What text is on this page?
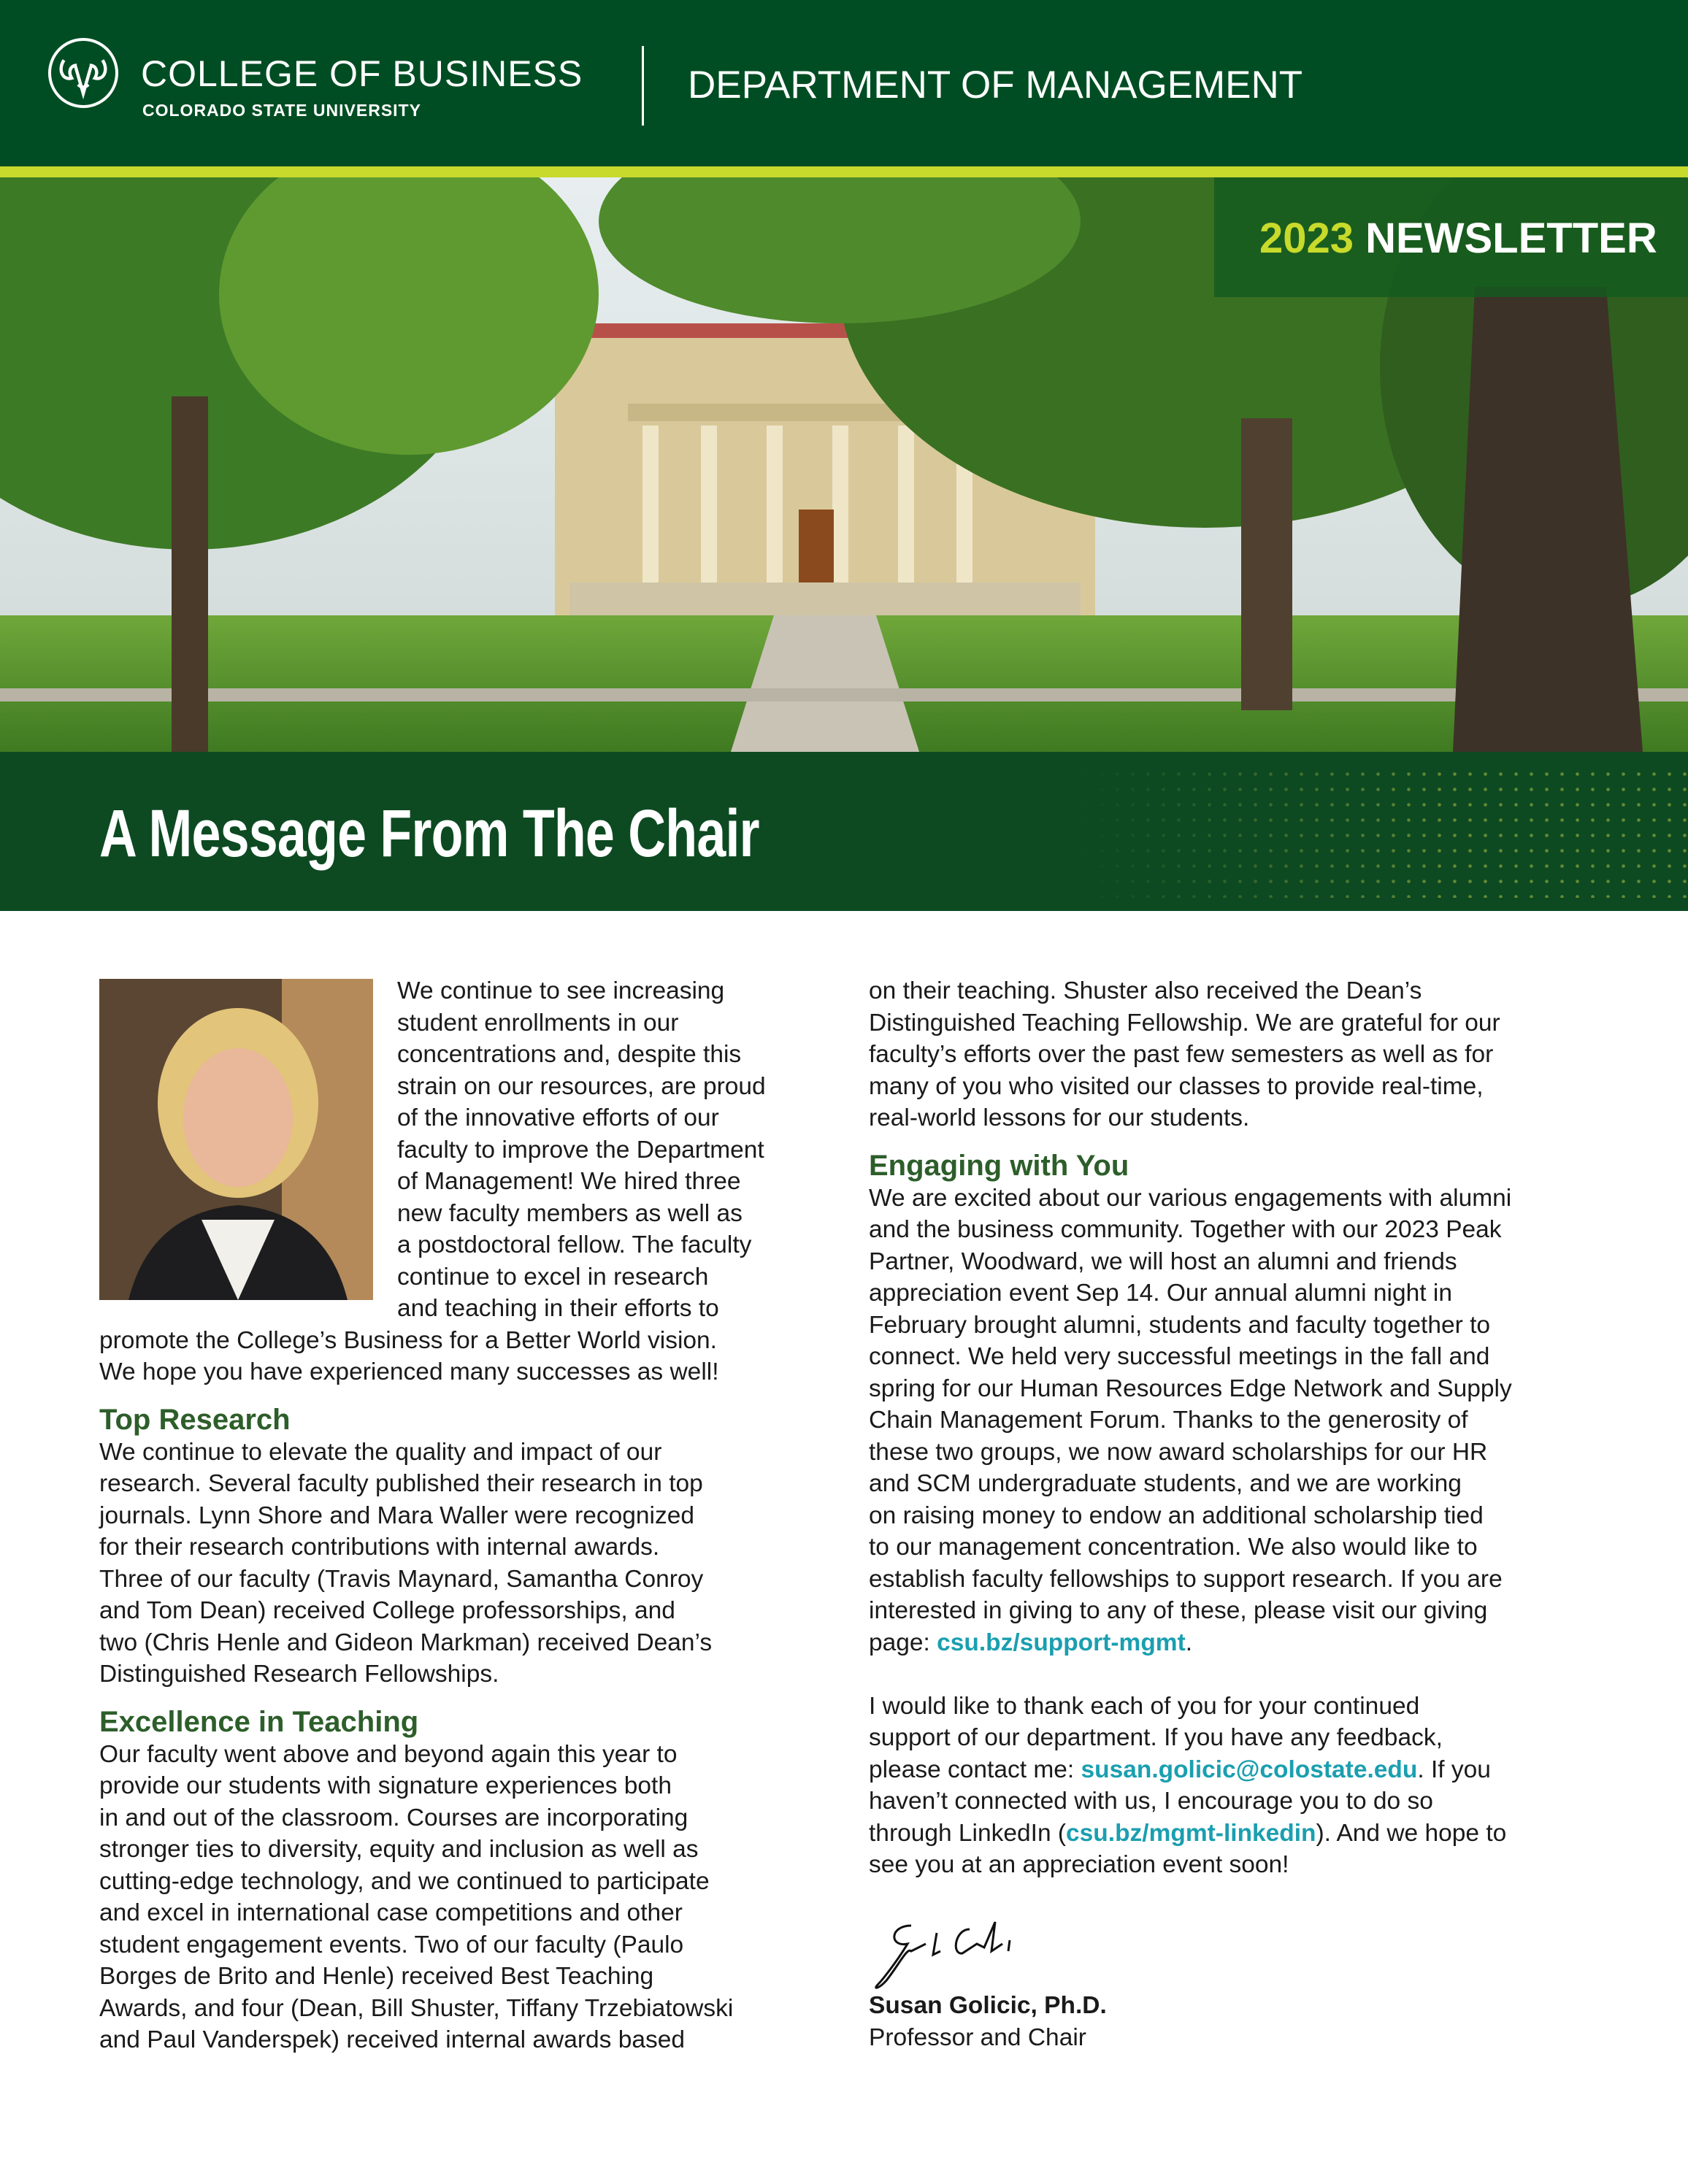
COLLEGE OF BUSINESS
COLORADO STATE UNIVERSITY
DEPARTMENT OF MANAGEMENT
2023 NEWSLETTER
A Message From The Chair
We continue to see increasing
student enrollments in our
concentrations and, despite this
strain on our resources, are proud
of the innovative efforts of our
faculty to improve the Department
of Management! We hired three
new faculty members as well as
a postdoctoral fellow. The faculty
continue to excel in research
and teaching in their efforts to
promote the College’s Business for a Better World vision.
We hope you have experienced many successes as well!
Top Research
We continue to elevate the quality and impact of our
research. Several faculty published their research in top
journals. Lynn Shore and Mara Waller were recognized
for their research contributions with internal awards.
Three of our faculty (Travis Maynard, Samantha Conroy
and Tom Dean) received College professorships, and
two (Chris Henle and Gideon Markman) received Dean’s
Distinguished Research Fellowships.
Excellence in Teaching
Our faculty went above and beyond again this year to
provide our students with signature experiences both
in and out of the classroom. Courses are incorporating
stronger ties to diversity, equity and inclusion as well as
cutting-edge technology, and we continued to participate
and excel in international case competitions and other
student engagement events. Two of our faculty (Paulo
Borges de Brito and Henle) received Best Teaching
Awards, and four (Dean, Bill Shuster, Tiffany Trzebiatowski
and Paul Vanderspek) received internal awards based
on their teaching. Shuster also received the Dean’s
Distinguished Teaching Fellowship. We are grateful for our
faculty’s efforts over the past few semesters as well as for
many of you who visited our classes to provide real-time,
real-world lessons for our students.
Engaging with You
We are excited about our various engagements with alumni
and the business community. Together with our 2023 Peak
Partner, Woodward, we will host an alumni and friends
appreciation event Sep 14. Our annual alumni night in
February brought alumni, students and faculty together to
connect. We held very successful meetings in the fall and
spring for our Human Resources Edge Network and Supply
Chain Management Forum. Thanks to the generosity of
these two groups, we now award scholarships for our HR
and SCM undergraduate students, and we are working
on raising money to endow an additional scholarship tied
to our management concentration. We also would like to
establish faculty fellowships to support research. If you are
interested in giving to any of these, please visit our giving
page: csu.bz/support-mgmt.
I would like to thank each of you for your continued
support of our department. If you have any feedback,
please contact me: susan.golicic@colostate.edu. If you
haven’t connected with us, I encourage you to do so
through LinkedIn (csu.bz/mgmt-linkedin). And we hope to
see you at an appreciation event soon!
Susan Golicic, Ph.D.
Professor and Chair
